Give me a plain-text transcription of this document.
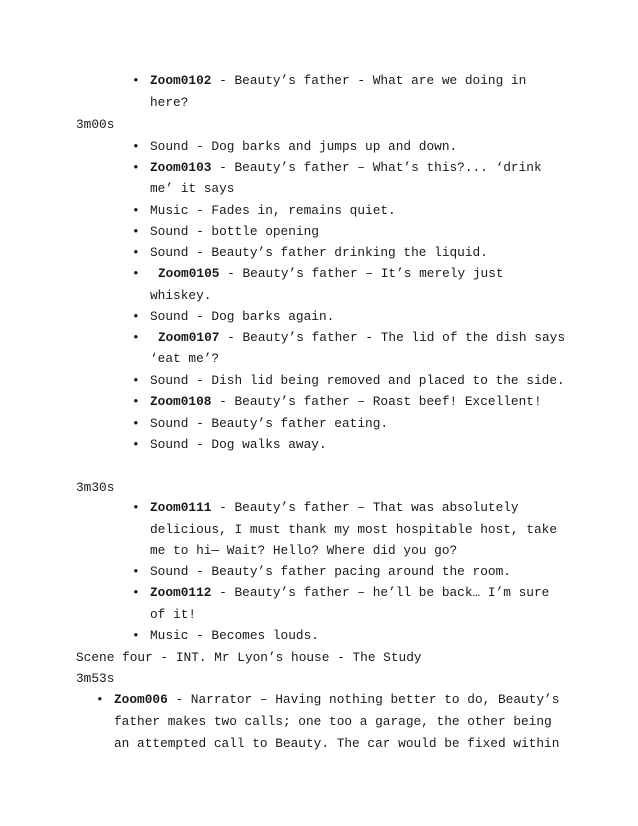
• Zoom0102 - Beauty’s father - What are we doing in
here?
3m00s
• Sound - Dog barks and jumps up and down.
• Zoom0103 - Beauty’s father – What’s this?... ‘drink
me’ it says
• Music - Fades in, remains quiet.
• Sound - bottle opening
• Sound - Beauty’s father drinking the liquid.
• Zoom0105 - Beauty’s father – It’s merely just
whiskey.
• Sound - Dog barks again.
• Zoom0107 - Beauty’s father - The lid of the dish says
‘eat me’?
• Sound - Dish lid being removed and placed to the side.
• Zoom0108 - Beauty’s father – Roast beef! Excellent!
• Sound - Beauty’s father eating.
• Sound - Dog walks away.
3m30s
• Zoom0111 - Beauty’s father – That was absolutely
delicious, I must thank my most hospitable host, take
me to hi— Wait? Hello? Where did you go?
• Sound - Beauty’s father pacing around the room.
• Zoom0112 - Beauty’s father – he’ll be back… I’m sure
of it!
• Music - Becomes louds.
Scene four - INT. Mr Lyon’s house - The Study
3m53s
• Zoom006 - Narrator – Having nothing better to do, Beauty’s
father makes two calls; one too a garage, the other being
an attempted call to Beauty. The car would be fixed within
